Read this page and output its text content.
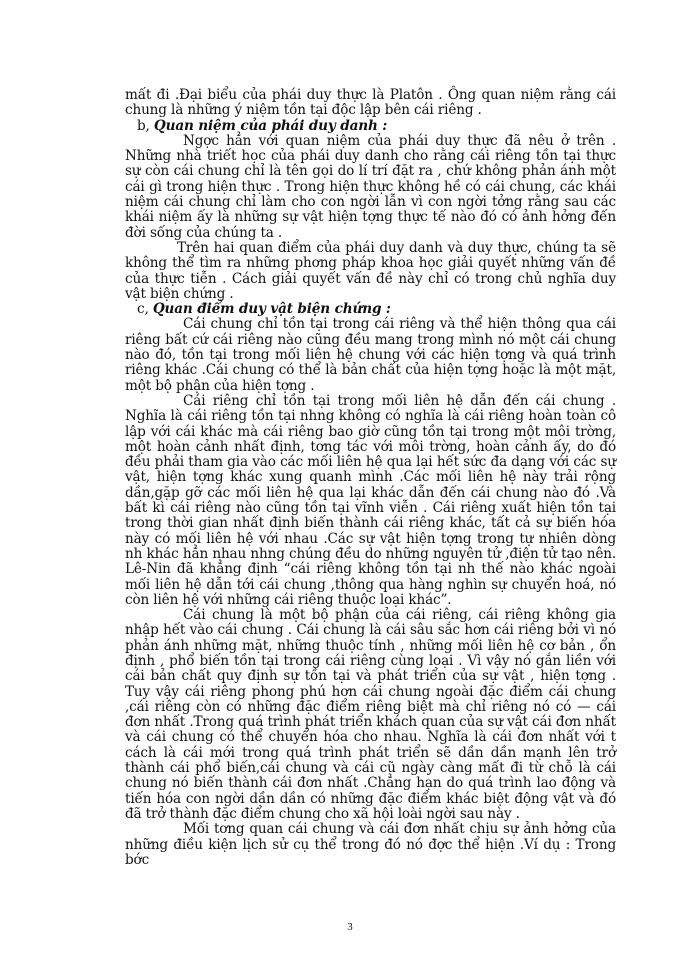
mất đi .Đại biểu của phái duy thực là Platôn . Ông quan niệm rằng cái chung là những ý niệm tồn tại độc lập bên cái riêng .

b, Quan niệm của phái duy danh :

Ngợc hẳn với quan niệm của phái duy thực đã nêu ở trên . Những nhà triết học của phái duy danh cho rằng cái riêng tồn tại thực sự còn cái chung chỉ là tên gọi do lí trí đặt ra , chứ không phản ánh một cái gì trong hiện thực . Trong hiện thực không hề có cái chung, các khái niệm cái chung chỉ làm cho con ngời lẫn vì con ngời tởng rằng sau các khái niệm ấy là những sự vật hiện tợng thực tế nào đó có ảnh hởng đến đời sống của chúng ta .

Trên hai quan điểm của phái duy danh và duy thực, chúng ta sẽ không thể tìm ra những phơng pháp khoa học giải quyết những vấn đề của thực tiễn . Cách giải quyết vấn đề này chỉ có trong chủ nghĩa duy vật biện chứng .

c, Quan điểm duy vật biện chứng :

Cái chung chỉ tồn tại trong cái riêng và thể hiện thông qua cái riêng bất cứ cái riêng nào cũng đều mang trong mình nó một cái chung nào đó, tồn tại trong mối liên hệ chung với các hiện tợng và quá trình riêng khác .Cái chung có thể là bản chất của hiện tợng hoặc là một mặt, một bộ phận của hiện tợng .

Cái riêng chỉ tồn tại trong mối liên hệ dẫn đến cái chung . Nghĩa là cái riêng tồn tại nhng không có nghĩa là cái riêng hoàn toàn cô lập với cái khác mà cái riêng bao giờ cũng tồn tại trong một môi trờng, một hoàn cảnh nhất định, tơng tác với môi trờng, hoàn cảnh ấy, do đó đều phải tham gia vào các mối liên hệ qua lại hết sức đa dạng với các sự vật, hiện tợng khác xung quanh mình .Các mối liên hệ này trải rộng dần,gặp gỡ các mối liên hệ qua lại khác dẫn đến cái chung nào đó .Và bất kì cái riêng nào cũng tồn tại vĩnh viễn . Cái riêng xuất hiện tồn tại trong thời gian nhất định biến thành cái riêng khác, tất cả sự biến hóa này có mối liên hệ với nhau .Các sự vật hiện tợng trong tự nhiên dòng nh khác hẳn nhau nhng chúng đều do những nguyên tử ,điện tử tạo nên. Lê-Nin đã khẳng định “cái riêng không tồn tại nh thế nào khác ngoài mối liên hệ dẫn tới cái chung ,thông qua hàng nghìn sự chuyển hoá, nó còn liên hệ với những cái riêng thuộc loại khác”.

Cái chung là một bộ phận của cái riêng, cái riêng không gia nhập hết vào cái chung . Cái chung là cái sâu sắc hơn cái riêng bởi vì nó phản ánh những mặt, những thuộc tính , những mối liên hệ cơ bản , ổn định , phổ biến tồn tại trong cái riêng cùng loại . Vì vậy nó gắn liền với cái bản chất quy định sự tồn tại và phát triển của sự vật , hiện tợng . Tuy vậy cái riêng phong phú hơn cái chung ngoài đặc điểm cái chung ,cái riêng còn có những đặc điểm riêng biệt mà chỉ riêng nó có — cái đơn nhất .Trong quá trình phát triển khách quan của sự vật cái đơn nhất và cái chung có thể chuyển hóa cho nhau. Nghĩa là cái đơn nhất với t cách là cái mới trong quá trình phát triển sẽ dần dần mạnh lên trở thành cái phổ biến,cái chung và cái cũ ngày càng mất đi từ chỗ là cái chung nó biến thành cái đơn nhất .Chẳng hạn do quá trình lao động và tiến hóa con ngời dần dần có những đặc điểm khác biệt động vật và đó đã trở thành đặc điểm chung cho xã hội loài ngời sau này .

Mối tơng quan cái chung và cái đơn nhất chịu sự ảnh hởng của những điều kiện lịch sử cụ thể trong đó nó đợc thể hiện .Ví dụ : Trong bớc

3
